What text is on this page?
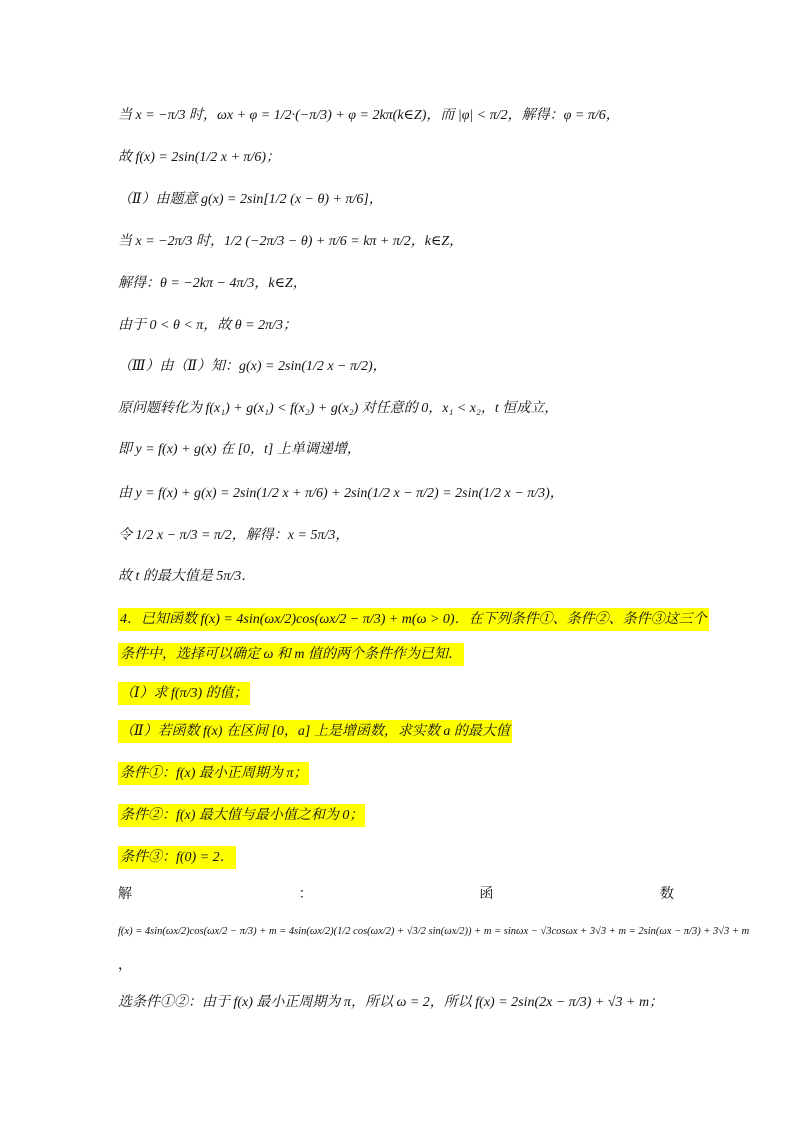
当 x = −π/3 时，ωx + φ = 1/2·(−π/3) + φ = 2kπ(k∈Z)，而 |φ| < π/2，解得：φ = π/6，
故 f(x) = 2sin(1/2 x + π/6)；
（Ⅱ）由题意 g(x) = 2sin[1/2 (x − θ) + π/6]，
当 x = −2π/3 时，1/2 (−2π/3 − θ) + π/6 = kπ + π/2，k∈Z，
解得：θ = −2kπ − 4π/3，k∈Z，
由于 0 < θ < π，故 θ = 2π/3；
（Ⅲ）由（Ⅱ）知：g(x) = 2sin(1/2 x − π/2)，
原问题转化为 f(x₁) + g(x₁) < f(x₂) + g(x₂) 对任意的 0，x₁ < x₂，t 恒成立，
即 y = f(x) + g(x) 在 [0，t] 上单调递增，
由 y = f(x) + g(x) = 2sin(1/2 x + π/6) + 2sin(1/2 x − π/2) = 2sin(1/2 x − π/3)，
令 1/2 x − π/3 = π/2，解得：x = 5π/3，
故 t 的最大值是 5π/3．
4．已知函数 f(x) = 4sin(ωx/2)cos(ωx/2 − π/3) + m(ω > 0)．在下列条件①、条件②、条件③这三个
条件中，选择可以确定 ω 和 m 值的两个条件作为已知．
（Ⅰ）求 f(π/3) 的值；
（Ⅱ）若函数 f(x) 在区间 [0，a] 上是增函数，求实数 a 的最大值
条件①：f(x) 最小正周期为 π；
条件②：f(x) 最大值与最小值之和为 0；
条件③：f(0) = 2．
解	：	函	数
f(x) = 4sin(ωx/2)cos(ωx/2 − π/3) + m = 4sin(ωx/2)(1/2 cos(ωx/2) + √3/2 sin(ωx/2)) + m = sinωx − √3cosωx + 3√3 + m = 2sin(ωx − π/3) + 3√3 + m
，
选条件①②：由于 f(x) 最小正周期为 π，所以 ω = 2，所以 f(x) = 2sin(2x − π/3) + √3 + m；
